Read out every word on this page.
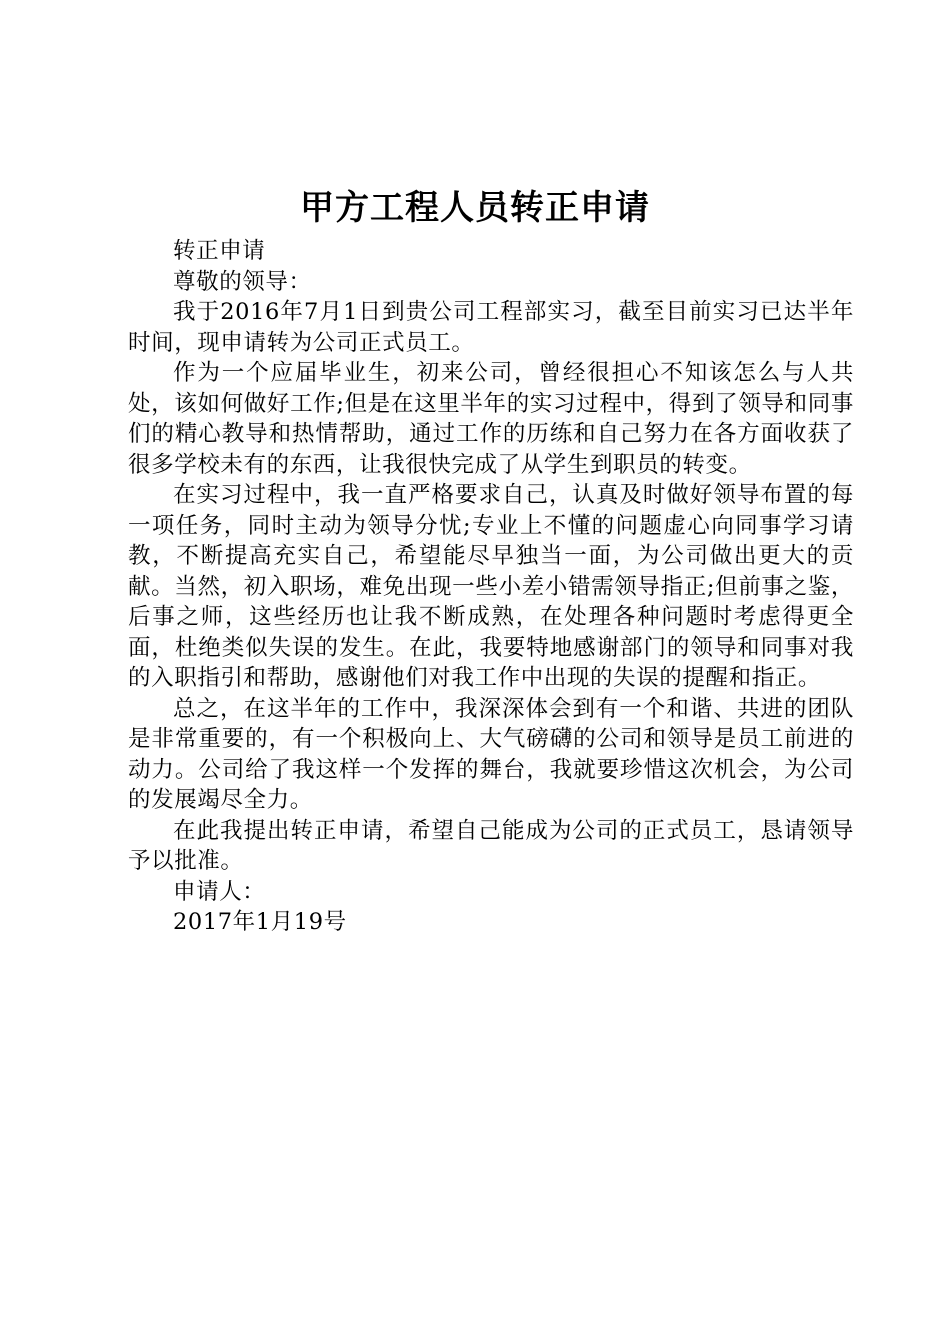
甲方工程人员转正申请

转正申请

尊敬的领导：

我于2016年7月1日到贵公司工程部实习，截至目前实习已达半年时间，现申请转为公司正式员工。

作为一个应届毕业生，初来公司，曾经很担心不知该怎么与人共处，该如何做好工作;但是在这里半年的实习过程中，得到了领导和同事们的精心教导和热情帮助，通过工作的历练和自己努力在各方面收获了很多学校未有的东西，让我很快完成了从学生到职员的转变。

在实习过程中，我一直严格要求自己，认真及时做好领导布置的每一项任务，同时主动为领导分忧;专业上不懂的问题虚心向同事学习请教，不断提高充实自己，希望能尽早独当一面，为公司做出更大的贡献。当然，初入职场，难免出现一些小差小错需领导指正;但前事之鉴，后事之师，这些经历也让我不断成熟，在处理各种问题时考虑得更全面，杜绝类似失误的发生。在此，我要特地感谢部门的领导和同事对我的入职指引和帮助，感谢他们对我工作中出现的失误的提醒和指正。

总之，在这半年的工作中，我深深体会到有一个和谐、共进的团队是非常重要的，有一个积极向上、大气磅礴的公司和领导是员工前进的动力。公司给了我这样一个发挥的舞台，我就要珍惜这次机会，为公司的发展竭尽全力。

在此我提出转正申请，希望自己能成为公司的正式员工，恳请领导予以批准。

申请人：

2017年1月19号
